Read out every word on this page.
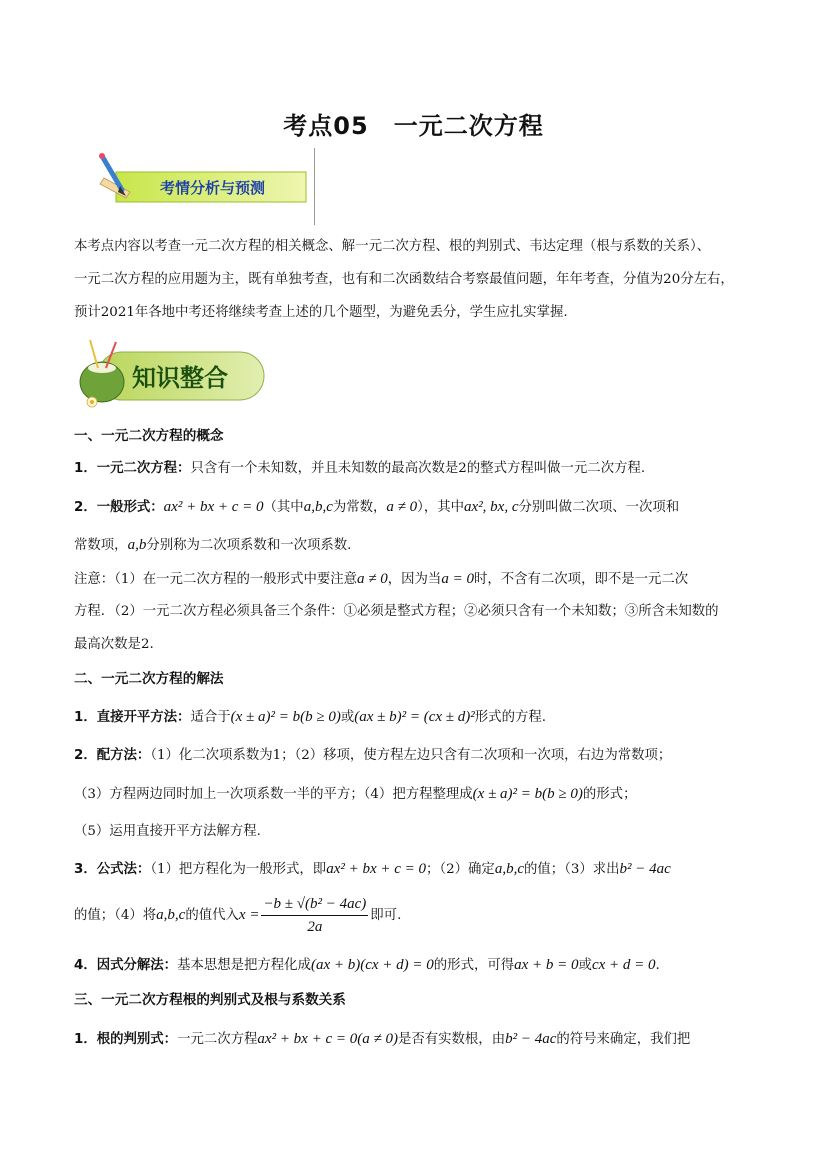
考点05　一元二次方程
考情分析与预测
本考点内容以考查一元二次方程的相关概念、解一元二次方程、根的判别式、韦达定理（根与系数的关系）、
一元二次方程的应用题为主，既有单独考查，也有和二次函数结合考察最值问题，年年考查，分值为20分左右，
预计2021年各地中考还将继续考查上述的几个题型，为避免丢分，学生应扎实掌握.
知识整合
一、一元二次方程的概念
1．一元二次方程：只含有一个未知数，并且未知数的最高次数是2的整式方程叫做一元二次方程.
2．一般形式：ax² + bx + c = 0（其中a,b,c为常数，a ≠ 0），其中ax², bx, c分别叫做二次项、一次项和
常数项，a,b分别称为二次项系数和一次项系数.
注意：（1）在一元二次方程的一般形式中要注意a ≠ 0，因为当a = 0时，不含有二次项，即不是一元二次
方程．（2）一元二次方程必须具备三个条件：①必须是整式方程；②必须只含有一个未知数；③所含未知数的
最高次数是2.
二、一元二次方程的解法
1．直接开平方法：适合于(x ± a)² = b(b ≥ 0)或(ax ± b)² = (cx ± d)²形式的方程.
2．配方法：（1）化二次项系数为1；（2）移项，使方程左边只含有二次项和一次项，右边为常数项；
（3）方程两边同时加上一次项系数一半的平方；（4）把方程整理成(x ± a)² = b(b ≥ 0)的形式；
（5）运用直接开平方法解方程.
3．公式法：（1）把方程化为一般形式，即ax² + bx + c = 0；（2）确定a,b,c的值；（3）求出b² − 4ac
的值；（4）将a,b,c的值代入$x = \frac{\text{−b ± √(b² − 4ac)}}{2a}$ 即可.
4．因式分解法：基本思想是把方程化成(ax + b)(cx + d) = 0的形式，可得ax + b = 0或cx + d = 0.
三、一元二次方程根的判别式及根与系数关系
1．根的判别式：一元二次方程ax² + bx + c = 0(a ≠ 0)是否有实数根，由b² − 4ac的符号来确定，我们把
